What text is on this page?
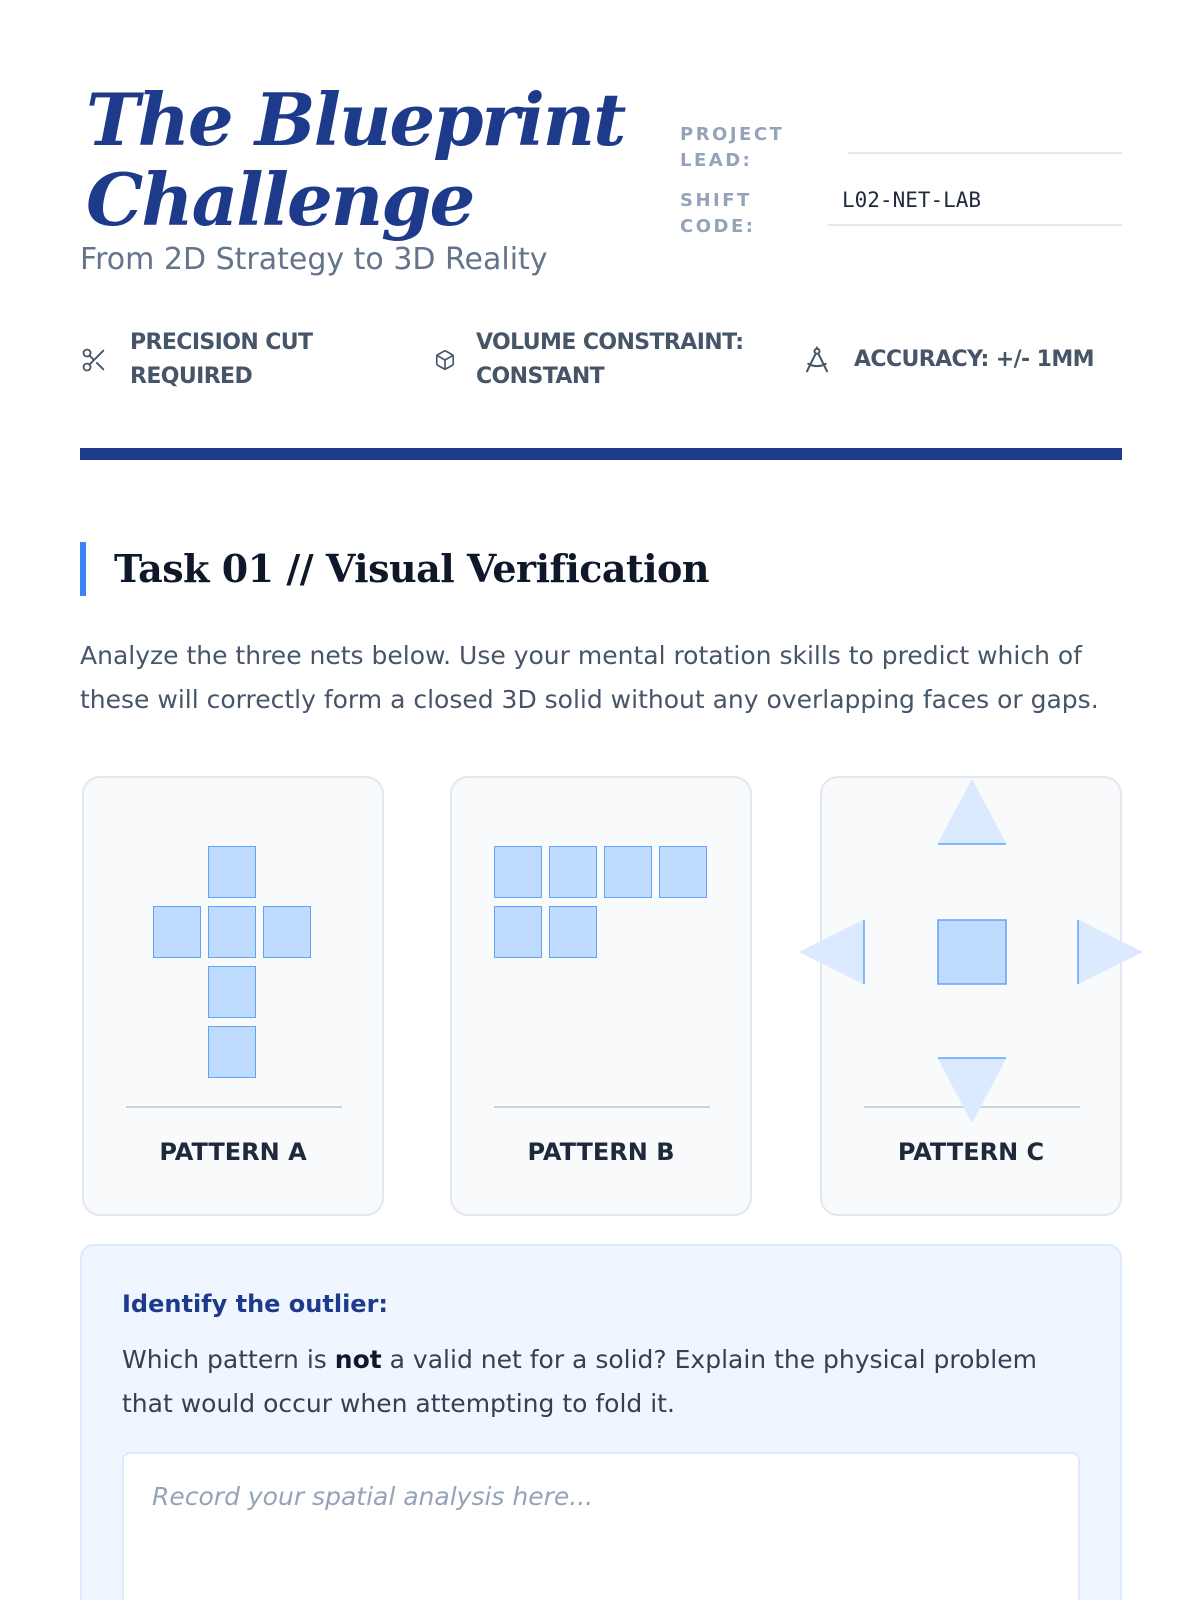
The Blueprint
Challenge
From 2D Strategy to 3D Reality
PROJECT LEAD:
SHIFT CODE:
L02-NET-LAB
PRECISION CUT REQUIRED
VOLUME CONSTRAINT: CONSTANT
ACCURACY: +/- 1MM
Task 01 // Visual Verification
Analyze the three nets below. Use your mental rotation skills to predict which of these will correctly form a closed 3D solid without any overlapping faces or gaps.
PATTERN A	PATTERN B	PATTERN C
Identify the outlier:
Which pattern is not a valid net for a solid? Explain the physical problem that would occur when attempting to fold it.
Record your spatial analysis here...
